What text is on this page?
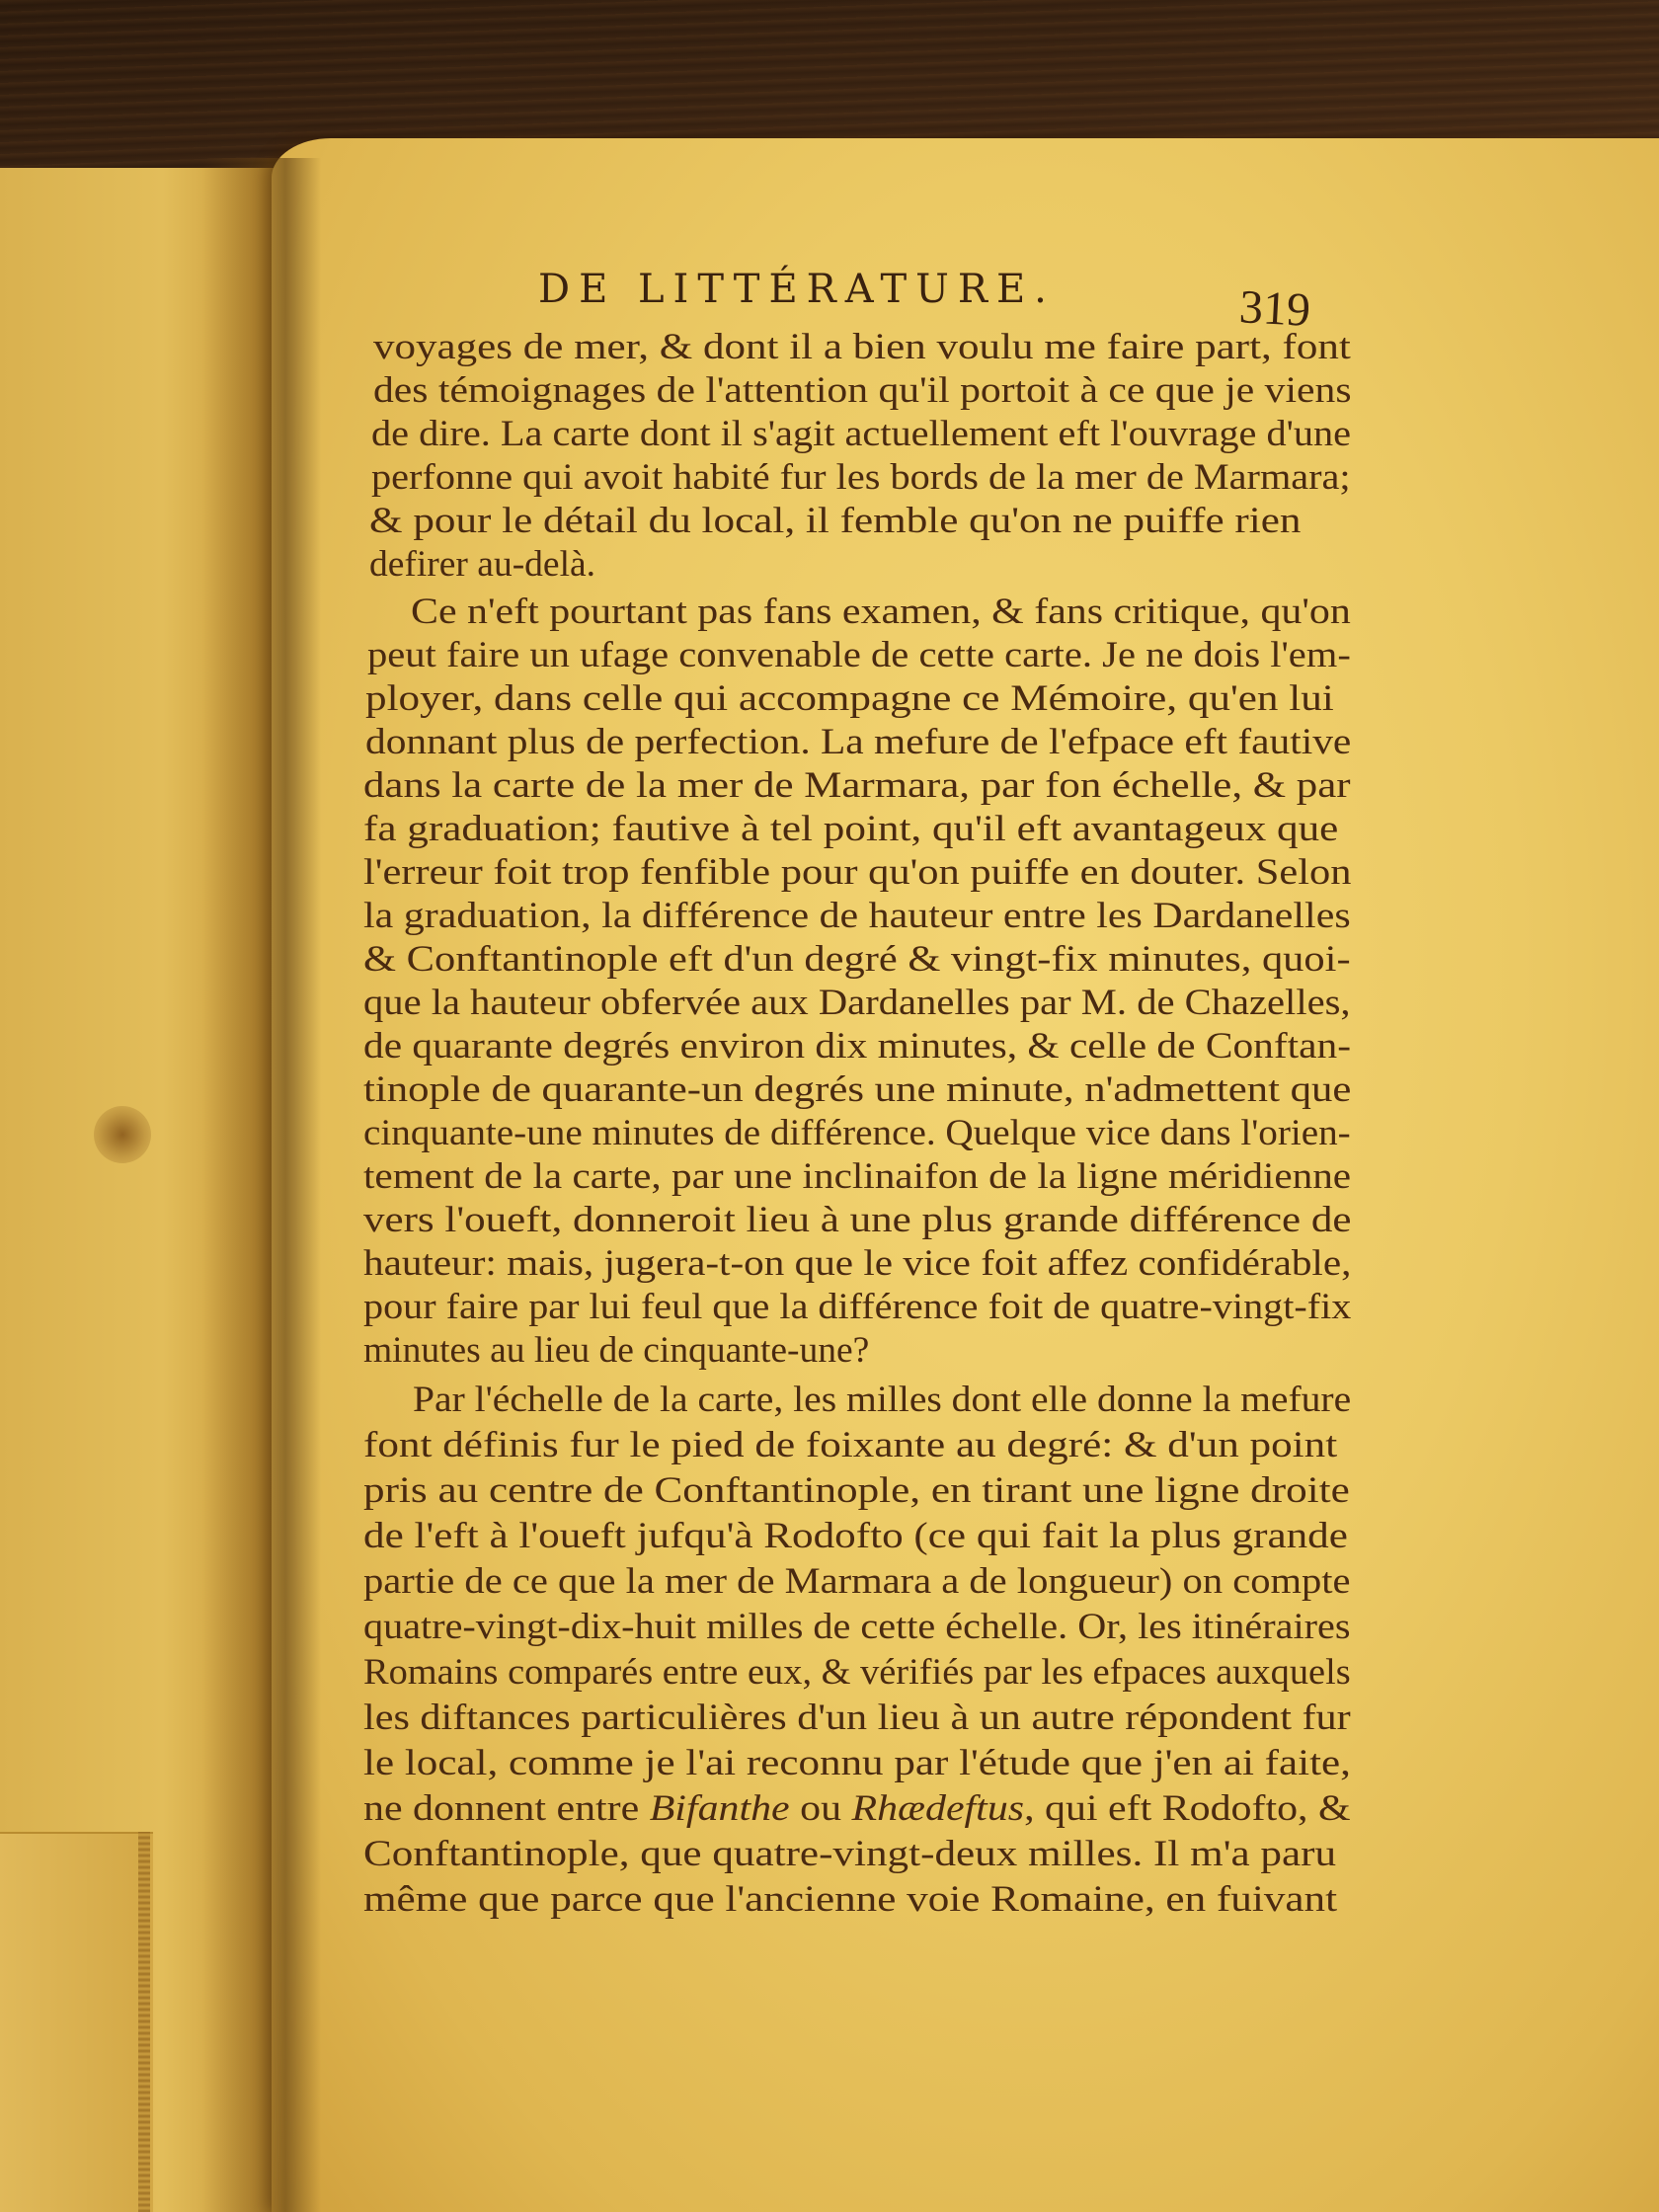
DE LITTÉRATURE.	319
voyages de mer, & dont il a bien voulu me faire part, font
des témoignages de l'attention qu'il portoit à ce que je viens
de dire. La carte dont il s'agit actuellement eft l'ouvrage d'une
perfonne qui avoit habité fur les bords de la mer de Marmara;
& pour le détail du local, il femble qu'on ne puiffe rien
defirer au-delà.
Ce n'eft pourtant pas fans examen, & fans critique, qu'on
peut faire un ufage convenable de cette carte. Je ne dois l'em-
ployer, dans celle qui accompagne ce Mémoire, qu'en lui
donnant plus de perfection. La mefure de l'efpace eft fautive
dans la carte de la mer de Marmara, par fon échelle, & par
fa graduation; fautive à tel point, qu'il eft avantageux que
l'erreur foit trop fenfible pour qu'on puiffe en douter. Selon
la graduation, la différence de hauteur entre les Dardanelles
& Conftantinople eft d'un degré & vingt-fix minutes, quoi-
que la hauteur obfervée aux Dardanelles par M. de Chazelles,
de quarante degrés environ dix minutes, & celle de Conftan-
tinople de quarante-un degrés une minute, n'admettent que
cinquante-une minutes de différence. Quelque vice dans l'orien-
tement de la carte, par une inclinaifon de la ligne méridienne
vers l'oueft, donneroit lieu à une plus grande différence de
hauteur: mais, jugera-t-on que le vice foit affez confidérable,
pour faire par lui feul que la différence foit de quatre-vingt-fix
minutes au lieu de cinquante-une?
Par l'échelle de la carte, les milles dont elle donne la mefure
font définis fur le pied de foixante au degré: & d'un point
pris au centre de Conftantinople, en tirant une ligne droite
de l'eft à l'oueft jufqu'à Rodofto (ce qui fait la plus grande
partie de ce que la mer de Marmara a de longueur) on compte
quatre-vingt-dix-huit milles de cette échelle. Or, les itinéraires
Romains comparés entre eux, & vérifiés par les efpaces auxquels
les diftances particulières d'un lieu à un autre répondent fur
le local, comme je l'ai reconnu par l'étude que j'en ai faite,
ne donnent entre Bifanthe ou Rhædeftus, qui eft Rodofto, &
Conftantinople, que quatre-vingt-deux milles. Il m'a paru
même que parce que l'ancienne voie Romaine, en fuivant
